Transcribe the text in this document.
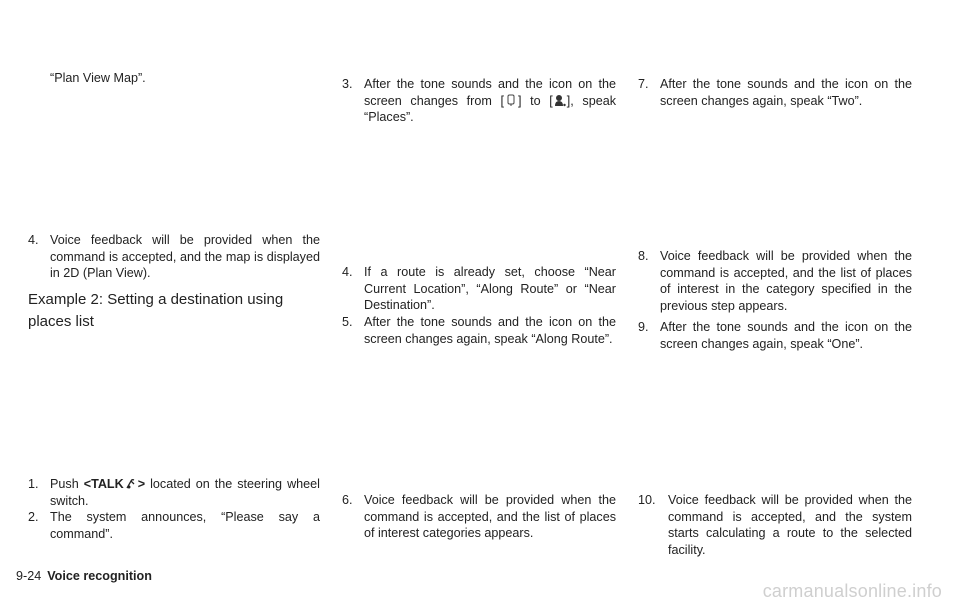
“Plan View Map”.
4. Voice feedback will be provided when the command is accepted, and the map is displayed in 2D (Plan View).
Example 2: Setting a destination using places list
1. Push <TALK > located on the steering wheel switch.
2. The system announces, “Please say a command”.
3. After the tone sounds and the icon on the screen changes from [ ] to [ ], speak “Places”.
4. If a route is already set, choose “Near Current Location”, “Along Route” or “Near Destination”.
5. After the tone sounds and the icon on the screen changes again, speak “Along Route”.
6. Voice feedback will be provided when the command is accepted, and the list of places of interest categories appears.
7. After the tone sounds and the icon on the screen changes again, speak “Two”.
8. Voice feedback will be provided when the command is accepted, and the list of places of interest in the category specified in the previous step appears.
9. After the tone sounds and the icon on the screen changes again, speak “One”.
10. Voice feedback will be provided when the command is accepted, and the system starts calculating a route to the selected facility.
9-24 Voice recognition
carmanualsonline.info
